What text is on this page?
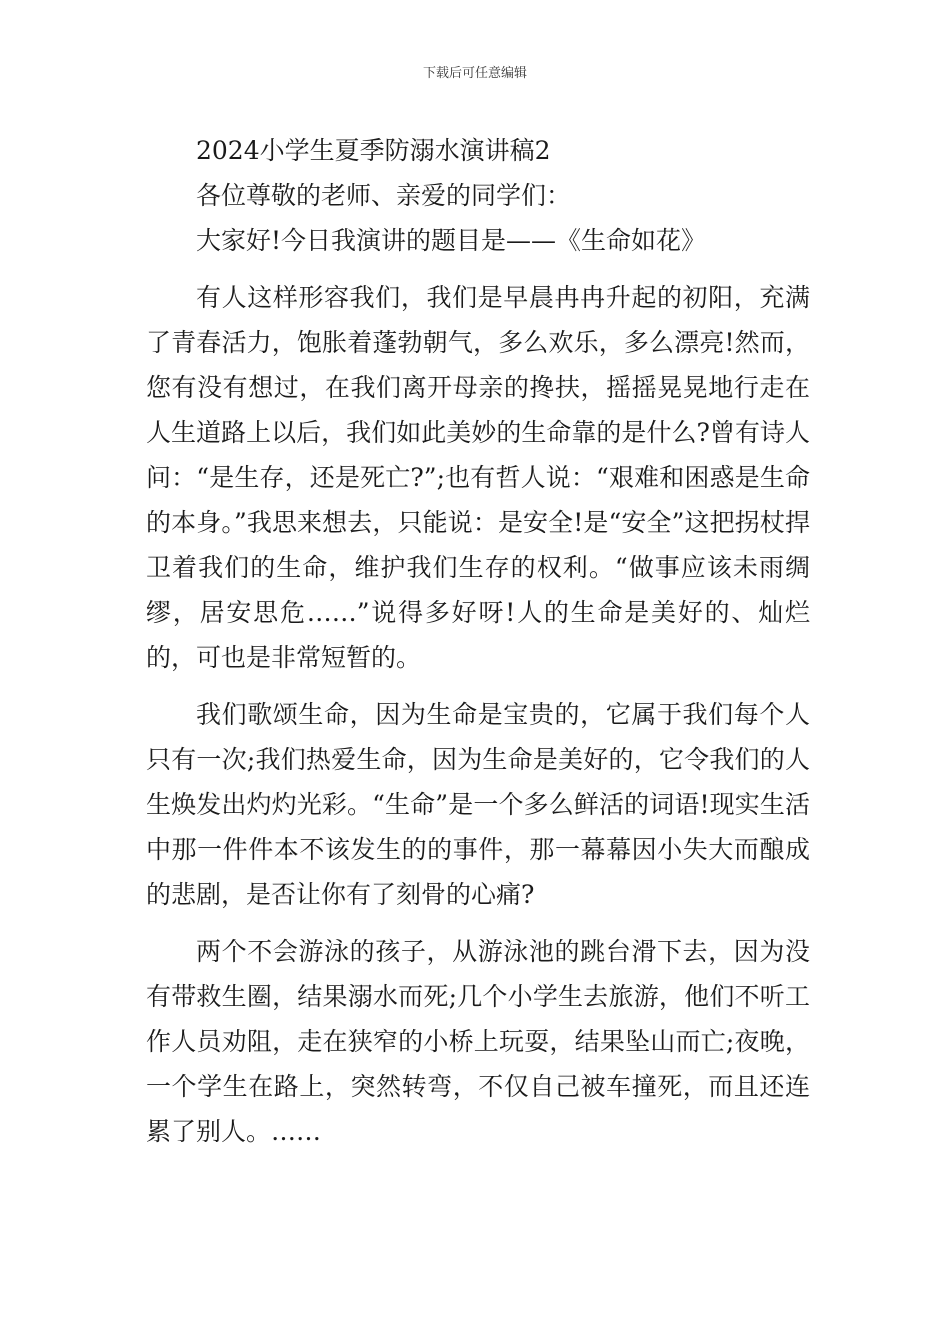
下载后可任意编辑

2024小学生夏季防溺水演讲稿2

各位尊敬的老师、亲爱的同学们：

大家好!今日我演讲的题目是——《生命如花》

有人这样形容我们，我们是早晨冉冉升起的初阳，充满了青春活力，饱胀着蓬勃朝气，多么欢乐，多么漂亮!然而，您有没有想过，在我们离开母亲的搀扶，摇摇晃晃地行走在人生道路上以后，我们如此美妙的生命靠的是什么?曾有诗人问：“是生存，还是死亡?”;也有哲人说：“艰难和困惑是生命的本身。”我思来想去，只能说：是安全!是“安全”这把拐杖捍卫着我们的生命，维护我们生存的权利。“做事应该未雨绸缪，居安思危……”说得多好呀!人的生命是美好的、灿烂的，可也是非常短暂的。

我们歌颂生命，因为生命是宝贵的，它属于我们每个人只有一次;我们热爱生命，因为生命是美好的，它令我们的人生焕发出灼灼光彩。“生命”是一个多么鲜活的词语!现实生活中那一件件本不该发生的的事件，那一幕幕因小失大而酿成的悲剧，是否让你有了刻骨的心痛?

两个不会游泳的孩子，从游泳池的跳台滑下去，因为没有带救生圈，结果溺水而死;几个小学生去旅游，他们不听工作人员劝阻，走在狭窄的小桥上玩耍，结果坠山而亡;夜晚，一个学生在路上，突然转弯，不仅自己被车撞死，而且还连累了别人。……
